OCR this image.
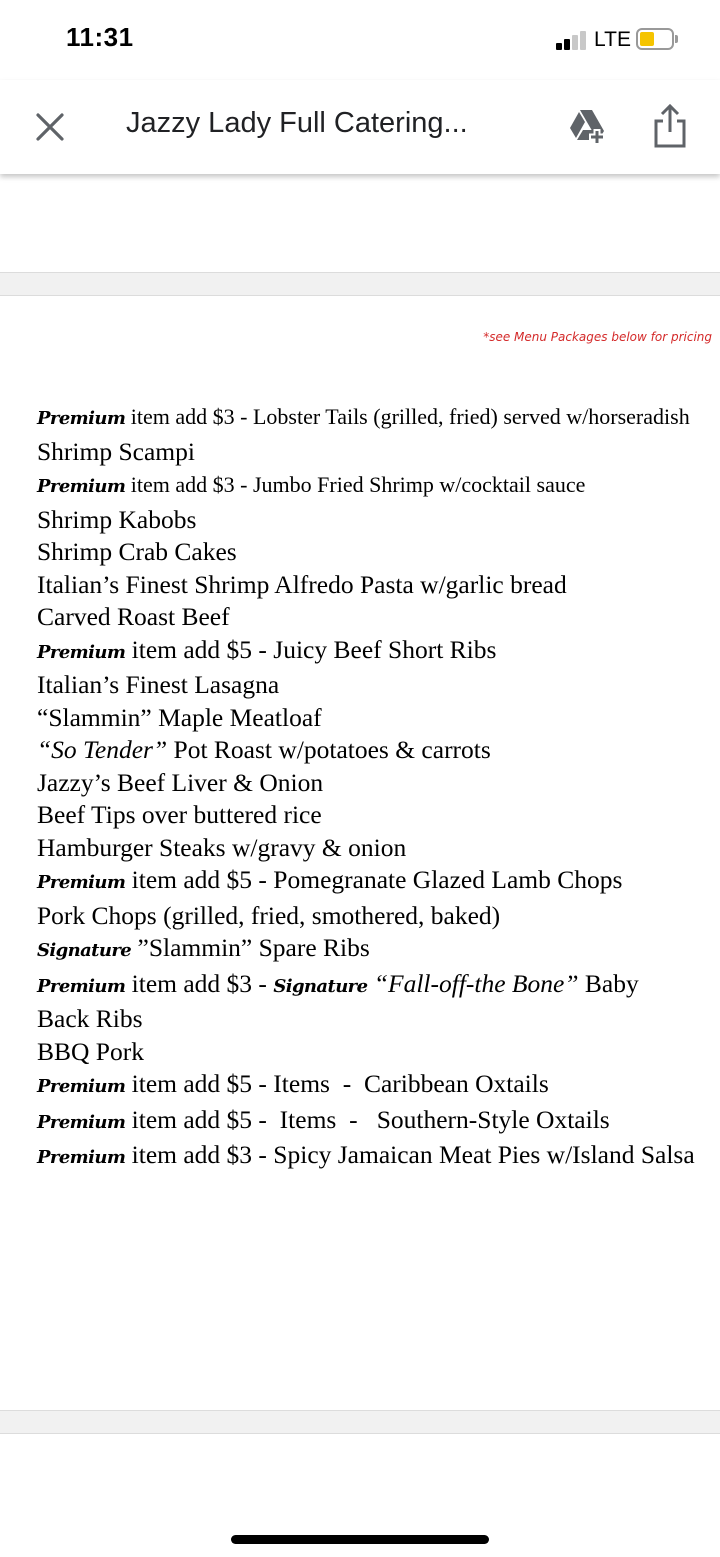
11:31	LTE
Jazzy Lady Full Catering...
*see Menu Packages below for pricing
Premium item add $3 - Lobster Tails (grilled, fried) served w/horseradish
Shrimp Scampi
Premium item add $3 - Jumbo Fried Shrimp w/cocktail sauce
Shrimp Kabobs
Shrimp Crab Cakes
Italian’s Finest Shrimp Alfredo Pasta w/garlic bread
Carved Roast Beef
Premium item add $5 - Juicy Beef Short Ribs
Italian’s Finest Lasagna
“Slammin” Maple Meatloaf
“So Tender” Pot Roast w/potatoes & carrots
Jazzy’s Beef Liver & Onion
Beef Tips over buttered rice
Hamburger Steaks w/gravy & onion
Premium item add $5 - Pomegranate Glazed Lamb Chops
Pork Chops (grilled, fried, smothered, baked)
Signature ”Slammin” Spare Ribs
Premium item add $3 - Signature “Fall-off-the Bone” Baby Back Ribs
BBQ Pork
Premium item add $5 - Items  -  Caribbean Oxtails
Premium item add $5 -  Items  -   Southern-Style Oxtails
Premium item add $3 - Spicy Jamaican Meat Pies w/Island Salsa
